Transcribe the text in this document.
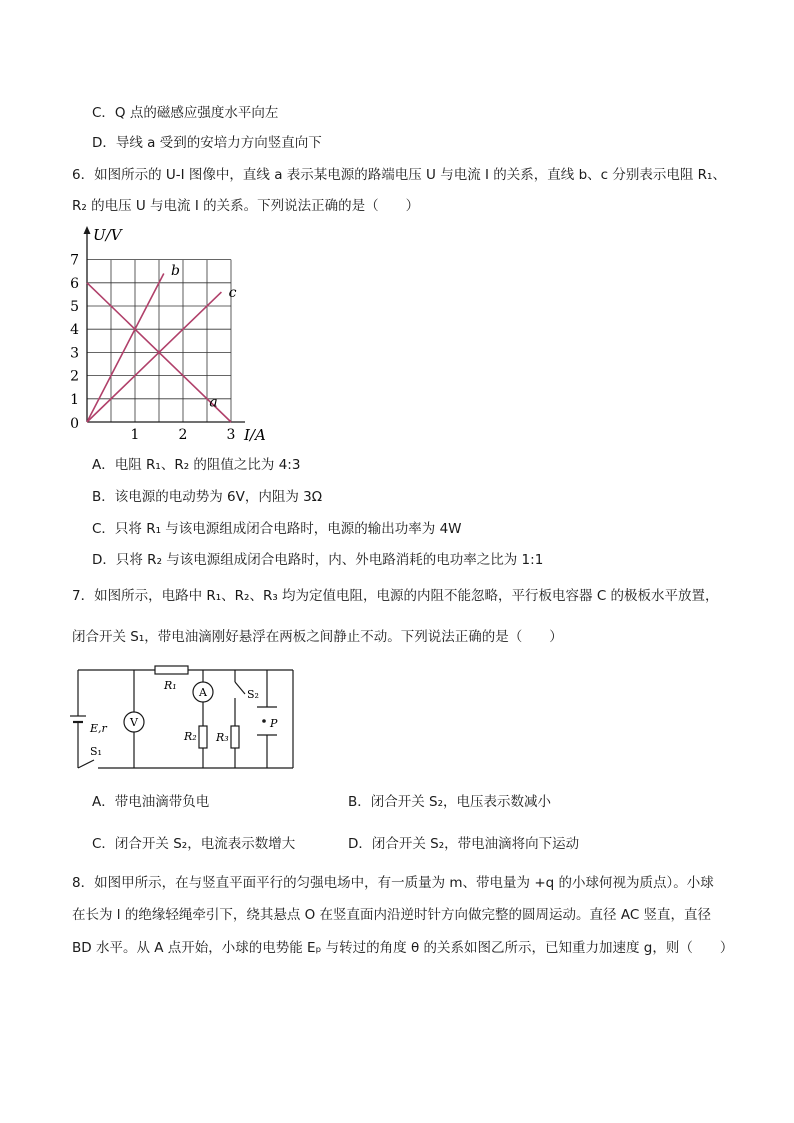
C．Q 点的磁感应强度水平向左
D．导线 a 受到的安培力方向竖直向下
6．如图所示的 U-I 图像中，直线 a 表示某电源的路端电压 U 与电流 I 的关系，直线 b、c 分别表示电阻 R₁、
R₂ 的电压 U 与电流 I 的关系。下列说法正确的是（　　）
a
b
c
1
2
3
4
5
6
7
1	2	3
0
U/V
I/A
A．电阻 R₁、R₂ 的阻值之比为 4:3
B．该电源的电动势为 6V，内阻为 3Ω
C．只将 R₁ 与该电源组成闭合电路时，电源的输出功率为 4W
D．只将 R₂ 与该电源组成闭合电路时，内、外电路消耗的电功率之比为 1:1
7．如图所示，电路中 R₁、R₂、R₃ 均为定值电阻，电源的内阻不能忽略，平行板电容器 C 的极板水平放置，
闭合开关 S₁，带电油滴刚好悬浮在两板之间静止不动。下列说法正确的是（　　）
V
A
R₁
R₂ R₃
S₂
E,r
S₁
P
A．带电油滴带负电	B．闭合开关 S₂，电压表示数减小
C．闭合开关 S₂，电流表示数增大	D．闭合开关 S₂，带电油滴将向下运动
8．如图甲所示，在与竖直平面平行的匀强电场中，有一质量为 m、带电量为 +q 的小球何视为质点）。小球
在长为 l 的绝缘轻绳牵引下，绕其悬点 O 在竖直面内沿逆时针方向做完整的圆周运动。直径 AC 竖直，直径
BD 水平。从 A 点开始，小球的电势能 Eₚ 与转过的角度 θ 的关系如图乙所示，已知重力加速度 g，则（　　）
